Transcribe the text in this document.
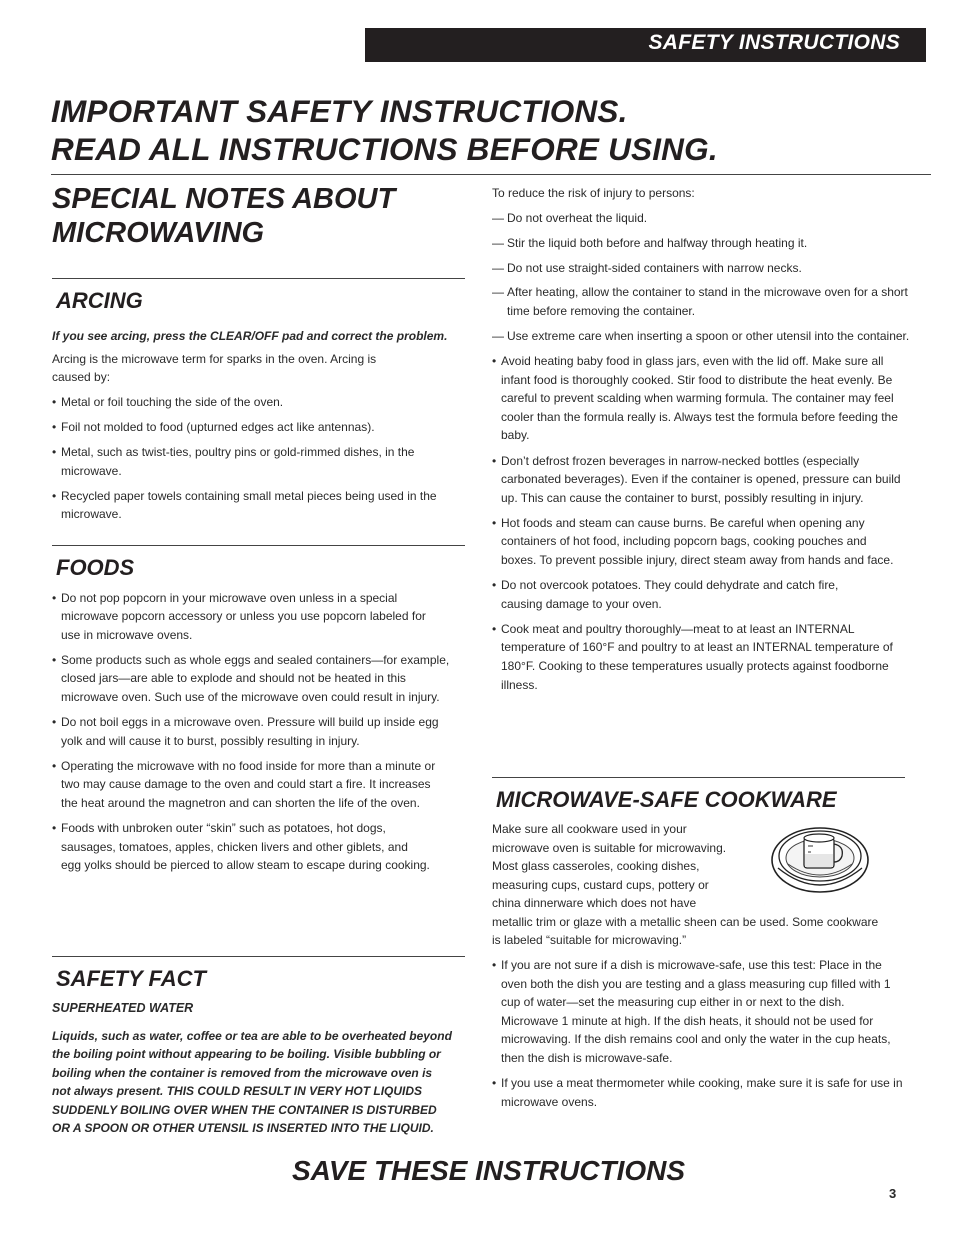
SAFETY INSTRUCTIONS
IMPORTANT SAFETY INSTRUCTIONS.
READ ALL INSTRUCTIONS BEFORE USING.
SPECIAL NOTES ABOUT
MICROWAVING
ARCING

If you see arcing, press the CLEAR/OFF pad and correct the problem.

Arcing is the microwave term for sparks in the oven. Arcing is caused by:

• Metal or foil touching the side of the oven.
• Foil not molded to food (upturned edges act like antennas).
• Metal, such as twist-ties, poultry pins or gold-rimmed dishes, in the microwave.
• Recycled paper towels containing small metal pieces being used in the microwave.
FOODS
• Do not pop popcorn in your microwave oven unless in a special microwave popcorn accessory or unless you use popcorn labeled for use in microwave ovens.
• Some products such as whole eggs and sealed containers—for example, closed jars—are able to explode and should not be heated in this microwave oven. Such use of the microwave oven could result in injury.
• Do not boil eggs in a microwave oven. Pressure will build up inside egg yolk and will cause it to burst, possibly resulting in injury.
• Operating the microwave with no food inside for more than a minute or two may cause damage to the oven and could start a fire. It increases the heat around the magnetron and can shorten the life of the oven.
• Foods with unbroken outer “skin” such as potatoes, hot dogs, sausages, tomatoes, apples, chicken livers and other giblets, and egg yolks should be pierced to allow steam to escape during cooking.
SAFETY FACT

SUPERHEATED WATER

Liquids, such as water, coffee or tea are able to be overheated beyond the boiling point without appearing to be boiling. Visible bubbling or boiling when the container is removed from the microwave oven is not always present. THIS COULD RESULT IN VERY HOT LIQUIDS SUDDENLY BOILING OVER WHEN THE CONTAINER IS DISTURBED OR A SPOON OR OTHER UTENSIL IS INSERTED INTO THE LIQUID.

To reduce the risk of injury to persons:

— Do not overheat the liquid.
— Stir the liquid both before and halfway through heating it.
— Do not use straight-sided containers with narrow necks.
— After heating, allow the container to stand in the microwave oven for a short time before removing the container.
— Use extreme care when inserting a spoon or other utensil into the container.
• Avoid heating baby food in glass jars, even with the lid off. Make sure all infant food is thoroughly cooked. Stir food to distribute the heat evenly. Be careful to prevent scalding when warming formula. The container may feel cooler than the formula really is. Always test the formula before feeding the baby.
• Don’t defrost frozen beverages in narrow-necked bottles (especially carbonated beverages). Even if the container is opened, pressure can build up. This can cause the container to burst, possibly resulting in injury.
• Hot foods and steam can cause burns. Be careful when opening any containers of hot food, including popcorn bags, cooking pouches and boxes. To prevent possible injury, direct steam away from hands and face.
• Do not overcook potatoes. They could dehydrate and catch fire, causing damage to your oven.
• Cook meat and poultry thoroughly—meat to at least an INTERNAL temperature of 160°F and poultry to at least an INTERNAL temperature of 180°F. Cooking to these temperatures usually protects against foodborne illness.
MICROWAVE-SAFE COOKWARE

Make sure all cookware used in your microwave oven is suitable for microwaving. Most glass casseroles, cooking dishes, measuring cups, custard cups, pottery or china dinnerware which does not have metallic trim or glaze with a metallic sheen can be used. Some cookware is labeled “suitable for microwaving.”

• If you are not sure if a dish is microwave-safe, use this test: Place in the oven both the dish you are testing and a glass measuring cup filled with 1 cup of water—set the measuring cup either in or next to the dish. Microwave 1 minute at high. If the dish heats, it should not be used for microwaving. If the dish remains cool and only the water in the cup heats, then the dish is microwave-safe.
• If you use a meat thermometer while cooking, make sure it is safe for use in microwave ovens.
SAVE THESE INSTRUCTIONS
3
